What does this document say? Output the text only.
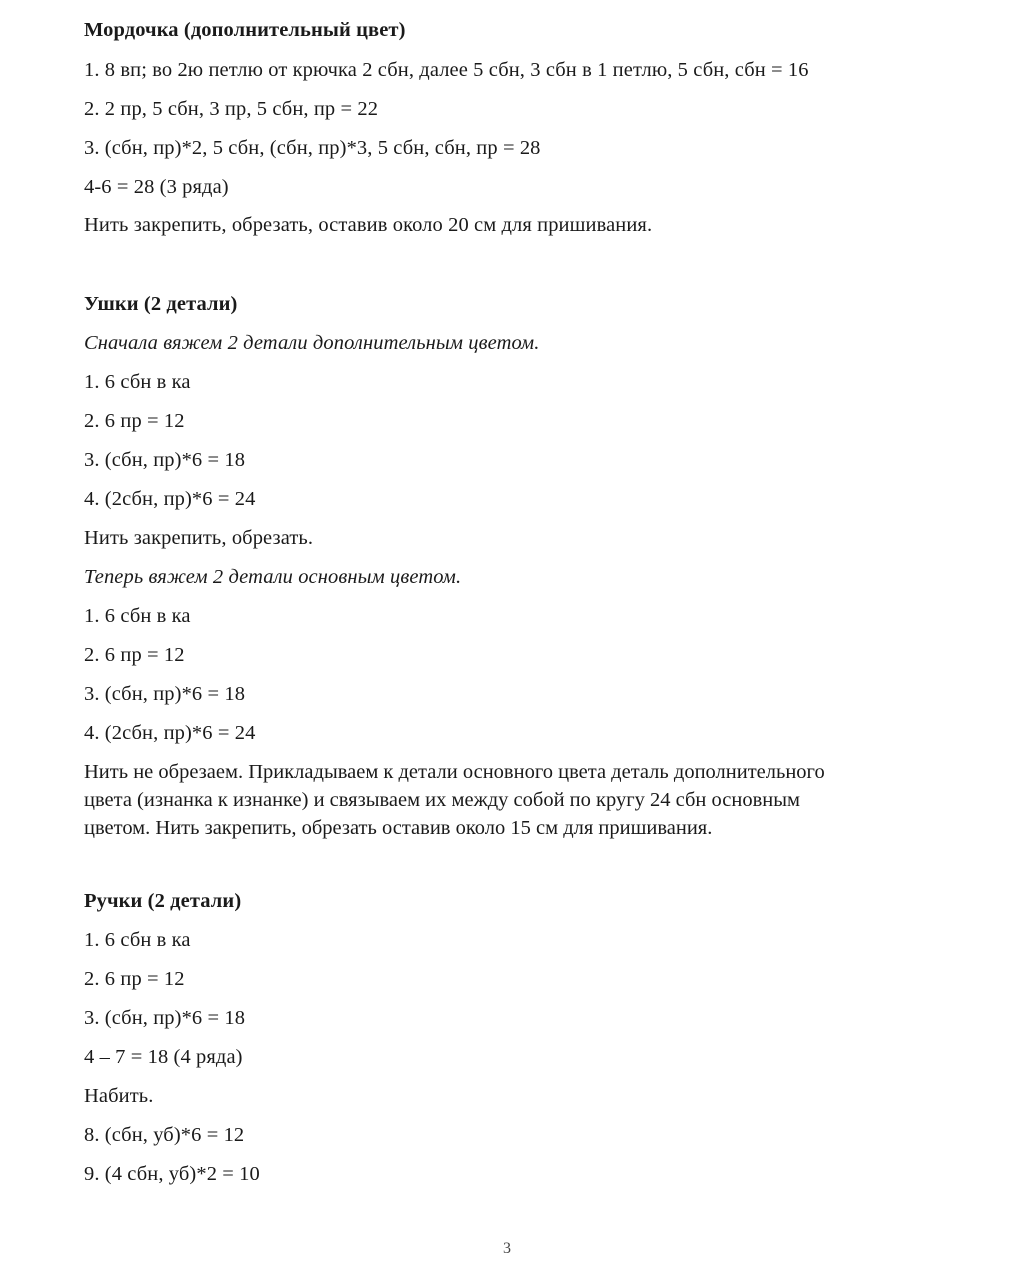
Мордочка (дополнительный цвет)
1. 8 вп; во 2ю петлю от крючка 2 сбн, далее 5 сбн, 3 сбн в 1 петлю, 5 сбн, сбн = 16
2. 2 пр, 5 сбн, 3 пр, 5 сбн, пр = 22
3. (сбн, пр)*2, 5 сбн, (сбн, пр)*3, 5 сбн, сбн, пр = 28
4-6 = 28 (3 ряда)
Нить закрепить, обрезать, оставив около 20 см для пришивания.
Ушки (2 детали)
Сначала вяжем 2 детали дополнительным цветом.
1. 6 сбн в ка
2. 6 пр = 12
3. (сбн, пр)*6 = 18
4. (2сбн, пр)*6 = 24
Нить закрепить, обрезать.
Теперь вяжем 2 детали основным цветом.
1. 6 сбн в ка
2. 6 пр = 12
3. (сбн, пр)*6 = 18
4. (2сбн, пр)*6 = 24
Нить не обрезаем. Прикладываем к детали основного цвета деталь дополнительного
цвета (изнанка к изнанке) и связываем их между собой по кругу 24 сбн основным
цветом. Нить закрепить, обрезать оставив около 15 см для пришивания.
Ручки (2 детали)
1. 6 сбн в ка
2. 6 пр = 12
3. (сбн, пр)*6 = 18
4 – 7 = 18 (4 ряда)
Набить.
8. (сбн, уб)*6 = 12
9. (4 сбн, уб)*2 = 10
3
